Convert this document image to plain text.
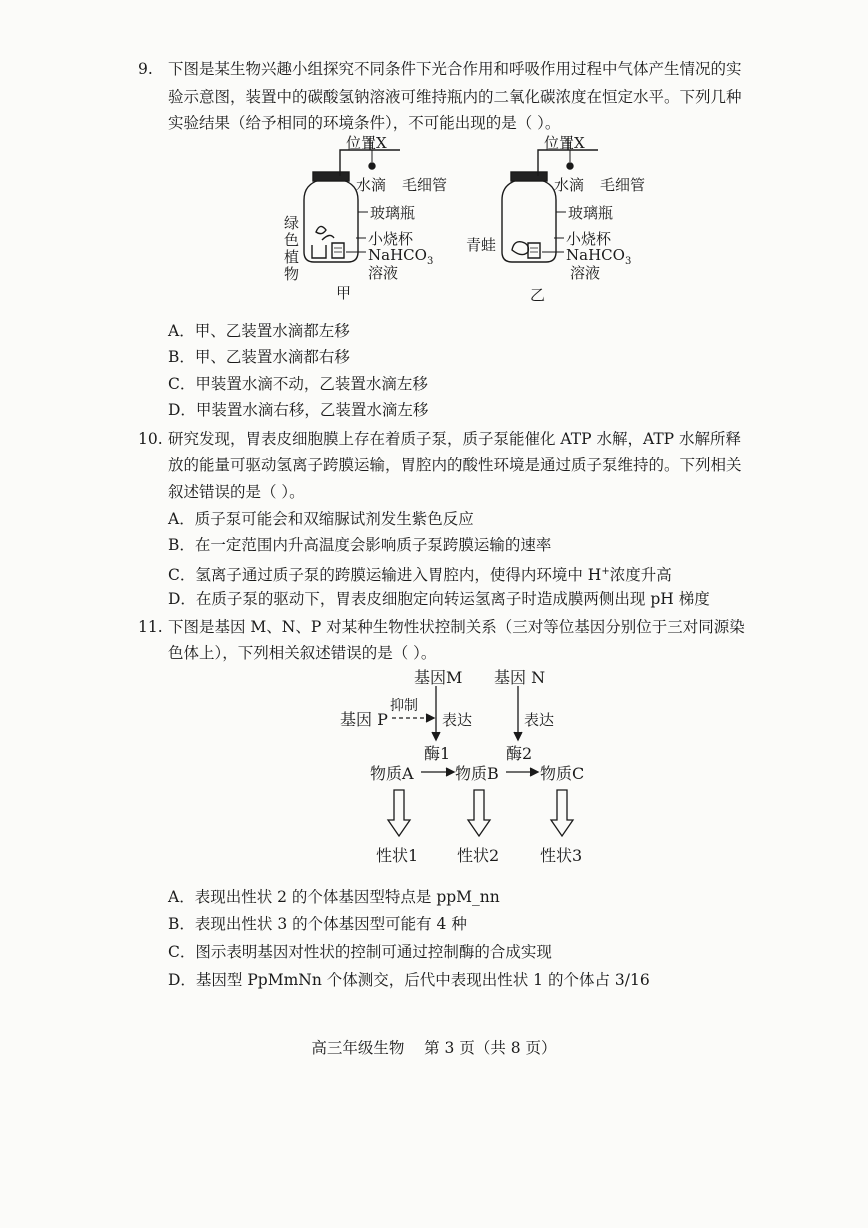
9. 下图是某生物兴趣小组探究不同条件下光合作用和呼吸作用过程中气体产生情况的实
验示意图，装置中的碳酸氢钠溶液可维持瓶内的二氧化碳浓度在恒定水平。下列几种
实验结果（给予相同的环境条件），不可能出现的是（ ）。
位置X
水滴 毛细管
玻璃瓶
小烧杯
NaHCO$_3$
溶液
绿
色
植
物
甲
位置X
水滴 毛细管
玻璃瓶
小烧杯
NaHCO$_3$
溶液
青蛙
乙
A．甲、乙装置水滴都左移
B．甲、乙装置水滴都右移
C．甲装置水滴不动，乙装置水滴左移
D．甲装置水滴右移，乙装置水滴左移
10. 研究发现，胃表皮细胞膜上存在着质子泵，质子泵能催化 ATP 水解，ATP 水解所释
放的能量可驱动氢离子跨膜运输，胃腔内的酸性环境是通过质子泵维持的。下列相关
叙述错误的是（ ）。
A．质子泵可能会和双缩脲试剂发生紫色反应
B．在一定范围内升高温度会影响质子泵跨膜运输的速率
C．氢离子通过质子泵的跨膜运输进入胃腔内，使得内环境中 H+浓度升高
D．在质子泵的驱动下，胃表皮细胞定向转运氢离子时造成膜两侧出现 pH 梯度
11. 下图是基因 M、N、P 对某种生物性状控制关系（三对等位基因分别位于三对同源染
色体上），下列相关叙述错误的是（ ）。
基因M 基因 N
基因 P
抑制
表达	表达
酶1	酶2
物质A	物质B	物质C
性状1 性状2	性状3
A．表现出性状 2 的个体基因型特点是 ppM_nn
B．表现出性状 3 的个体基因型可能有 4 种
C．图示表明基因对性状的控制可通过控制酶的合成实现
D．基因型 PpMmNn 个体测交，后代中表现出性状 1 的个体占 3/16
高三年级生物    第 3 页（共 8 页）
